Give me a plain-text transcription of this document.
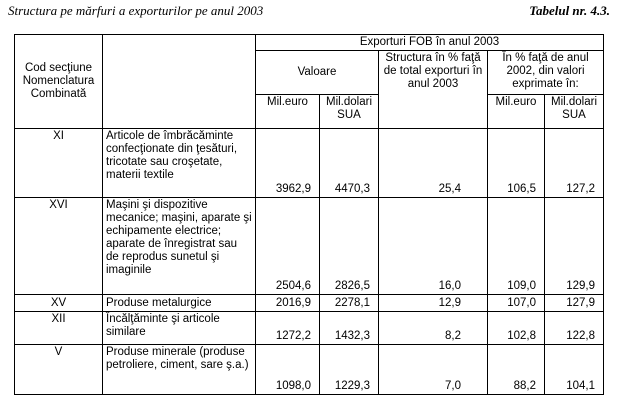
Structura pe mărfuri a exporturilor pe anul 2003	Tabelul nr. 4.3.
Cod secţiune Nomenclatura Combinată		Exporturi FOB în anul 2003				
		Valoare		Structura în % faţă de total exporturi în anul 2003	În % faţă de anul 2002, din valori exprimate în:	
		Mil.euro	Mil.dolari SUA		Mil.euro	Mil.dolari SUA
XI	Articole de îmbrăcăminte confecţionate din ţesături, tricotate sau croşetate, materii textile	3962,9	4470,3	25,4	106,5	127,2
XVI	Maşini şi dispozitive mecanice; maşini, aparate şi echipamente electrice; aparate de înregistrat sau de reprodus sunetul şi imaginile	2504,6	2826,5	16,0	109,0	129,9
XV	Produse metalurgice	2016,9	2278,1	12,9	107,0	127,9
XII	Încălţăminte şi articole similare	1272,2	1432,3	8,2	102,8	122,8
V	Produse minerale (produse petroliere, ciment, sare ş.a.)	1098,0	1229,3	7,0	88,2	104,1
